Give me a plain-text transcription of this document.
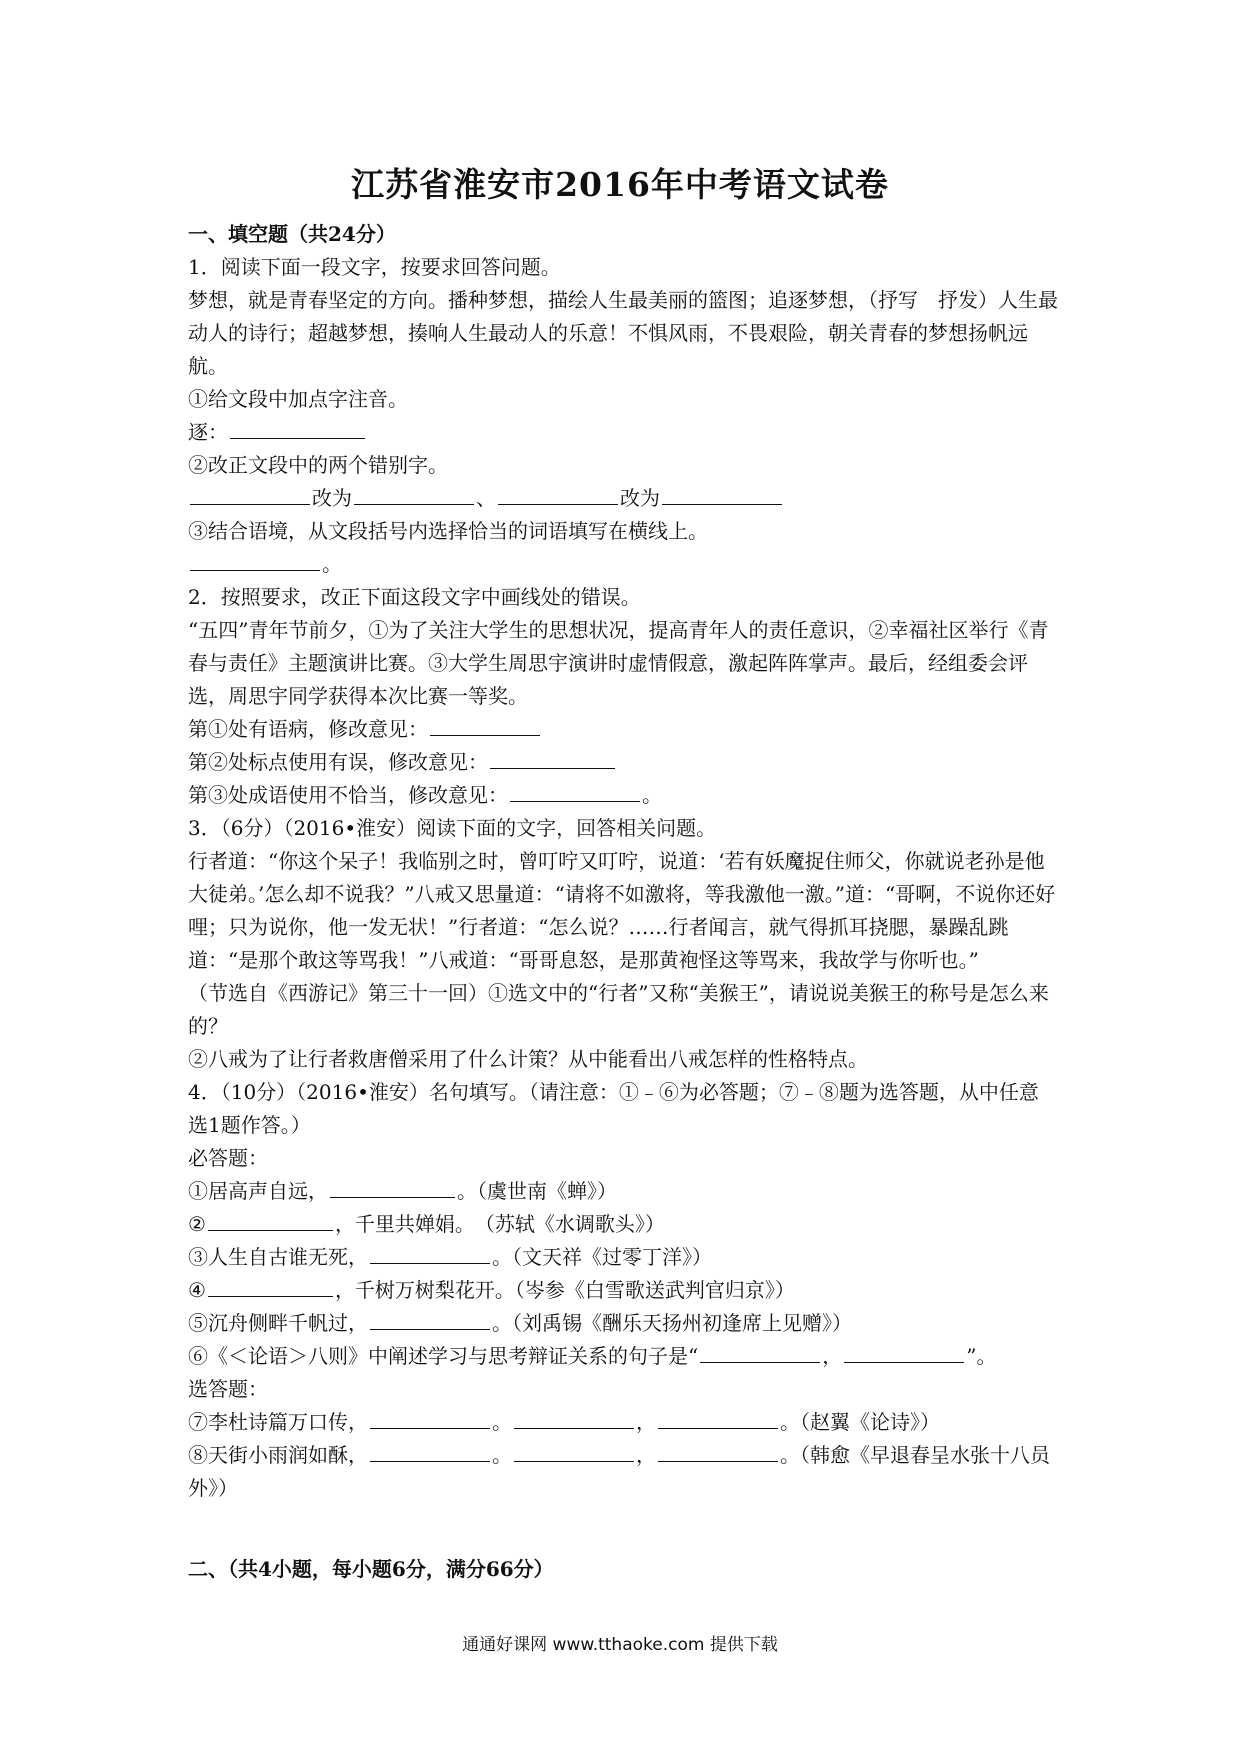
江苏省淮安市2016年中考语文试卷

一、填空题（共24分）

1．阅读下面一段文字，按要求回答问题。

梦想，就是青春坚定的方向。播种梦想，描绘人生最美丽的篮图；追逐梦想，（抒写　抒发）人生最动人的诗行；超越梦想，揍响人生最动人的乐意！不惧风雨，不畏艰险，朝关青春的梦想扬帆远航。

①给文段中加点字注音。

逐：

②改正文段中的两个错别字。

改为	、	改为

③结合语境，从文段括号内选择恰当的词语填写在横线上。

。

2．按照要求，改正下面这段文字中画线处的错误。

“五四”青年节前夕，①为了关注大学生的思想状况，提高青年人的责任意识，②幸福社区举行《青春与责任》主题演讲比赛。③大学生周思宇演讲时虚情假意，激起阵阵掌声。最后，经组委会评选，周思宇同学获得本次比赛一等奖。

第①处有语病，修改意见：

第②处标点使用有误，修改意见：

第③处成语使用不恰当，修改意见：	。

3．（6分）（2016•淮安）阅读下面的文字，回答相关问题。

行者道：“你这个呆子！我临别之时，曾叮咛又叮咛，说道：‘若有妖魔捉住师父，你就说老孙是他大徒弟。’怎么却不说我？”八戒又思量道：“请将不如激将，等我激他一激。”道：“哥啊，不说你还好哩；只为说你，他一发无状！”行者道：“怎么说？……行者闻言，就气得抓耳挠腮，暴躁乱跳道：“是那个敢这等骂我！”八戒道：“哥哥息怒，是那黄袍怪这等骂来，我故学与你听也。”

（节选自《西游记》第三十一回）①选文中的“行者”又称“美猴王”，请说说美猴王的称号是怎么来的？

②八戒为了让行者救唐僧采用了什么计策？从中能看出八戒怎样的性格特点。

4．（10分）（2016•淮安）名句填写。（请注意：①﹣⑥为必答题；⑦﹣⑧题为选答题，从中任意选1题作答。）

必答题：

①居高声自远，	。（虞世南《蝉》）

②	，千里共婵娟。　（苏轼《水调歌头》）

③人生自古谁无死，	。（文天祥《过零丁洋》）

④	，千树万树梨花开。（岑参《白雪歌送武判官归京》）

⑤沉舟侧畔千帆过，	。（刘禹锡《酬乐天扬州初逢席上见赠》）

⑥《＜论语＞八则》中阐述学习与思考辩证关系的句子是“	，	”。

选答题：

⑦李杜诗篇万口传，	。	，	。（赵翼《论诗》）

⑧天街小雨润如酥，	。	，	。（韩愈《早退春呈水张十八员外》）

二、（共4小题，每小题6分，满分66分）

通通好课网 www.tthaoke.com 提供下载
